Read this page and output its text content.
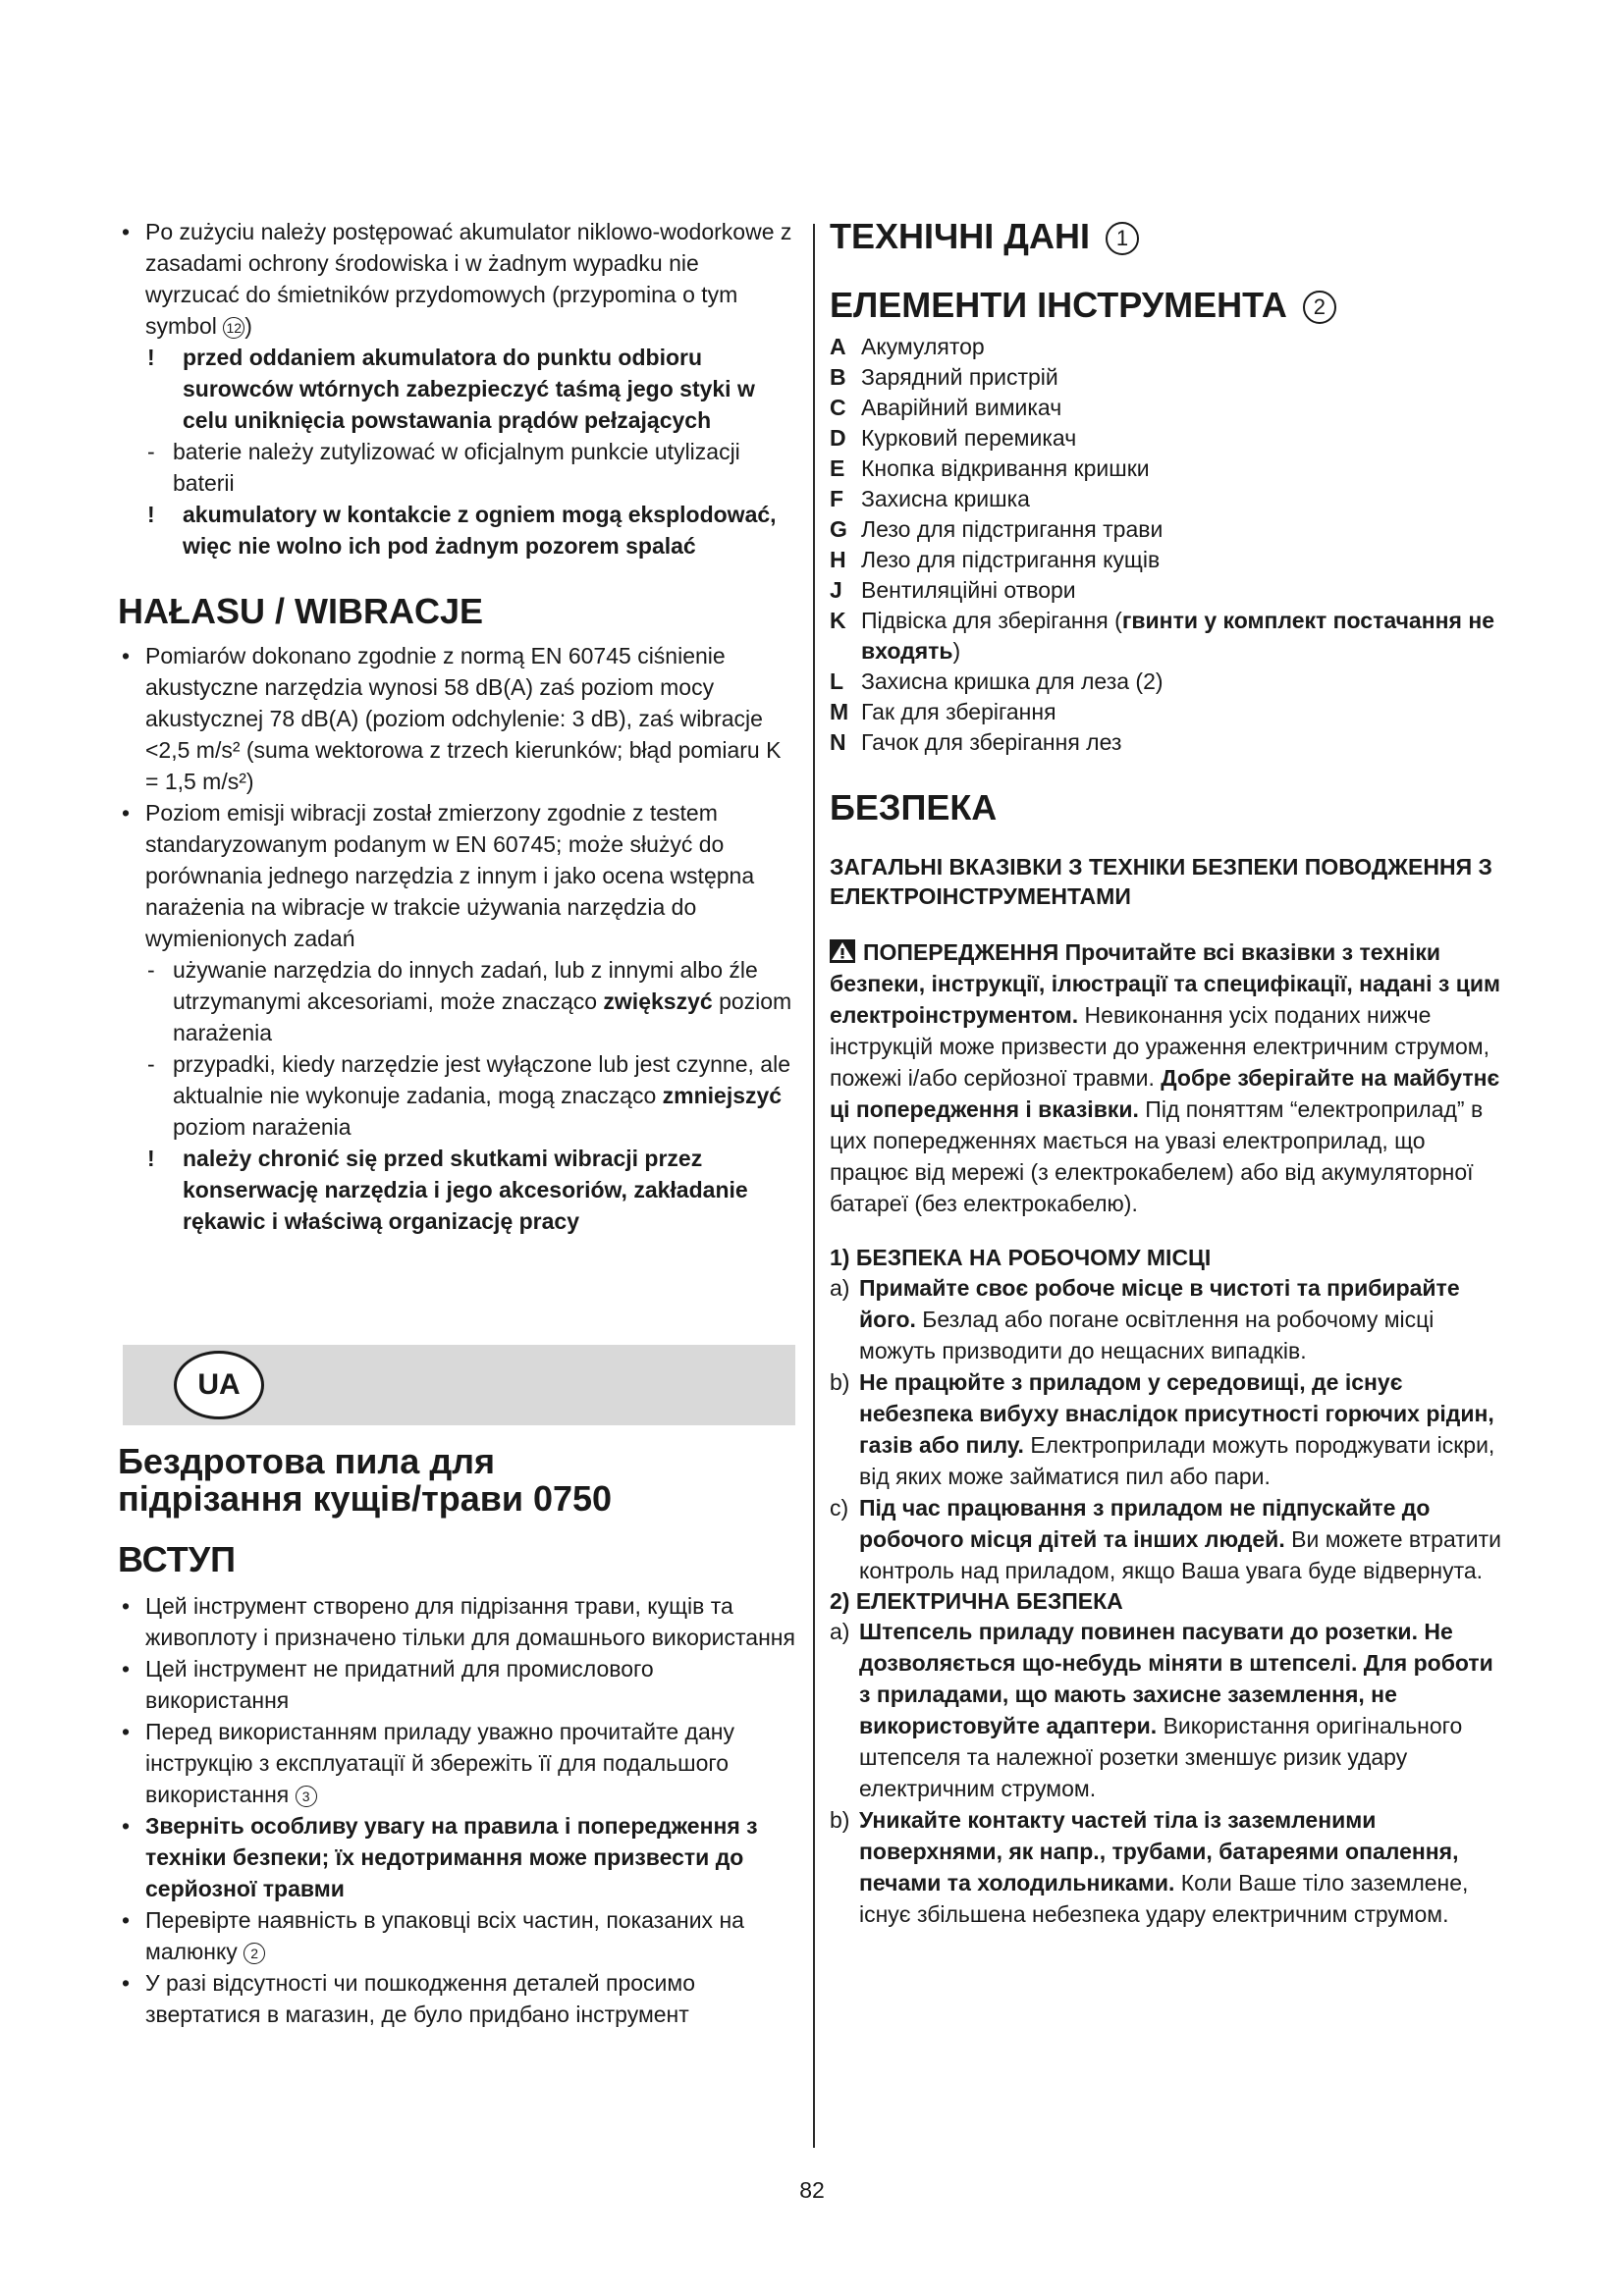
• Po zużyciu należy postępować akumulator niklowo-wodorkowe z zasadami ochrony środowiska i w żadnym wypadku nie wyrzucać do śmietników przydomowych (przypomina o tym symbol 12 )

! przed oddaniem akumulatora do punktu odbioru surowców wtórnych zabezpieczyć taśmą jego styki w celu uniknięcia powstawania prądów pełzających

- baterie należy zutylizować w oficjalnym punkcie utylizacji baterii

! akumulatory w kontakcie z ogniem mogą eksplodować, więc nie wolno ich pod żadnym pozorem spalać

HAŁASU / WIBRACJE

• Pomiarów dokonano zgodnie z normą EN 60745 ciśnienie akustyczne narzędzia wynosi 58 dB(A) zaś poziom mocy akustycznej 78 dB(A) (poziom odchylenie: 3 dB), zaś wibracje <2,5 m/s² (suma wektorowa z trzech kierunków; błąd pomiaru K = 1,5 m/s²)

• Poziom emisji wibracji został zmierzony zgodnie z testem standaryzowanym podanym w EN 60745; może służyć do porównania jednego narzędzia z innym i jako ocena wstępna narażenia na wibracje w trakcie używania narzędzia do wymienionych zadań

- używanie narzędzia do innych zadań, lub z innymi albo źle utrzymanymi akcesoriami, może znacząco zwiększyć poziom narażenia

- przypadki, kiedy narzędzie jest wyłączone lub jest czynne, ale aktualnie nie wykonuje zadania, mogą znacząco zmniejszyć poziom narażenia

! należy chronić się przed skutkami wibracji przez konserwację narzędzia i jego akcesoriów, zakładanie rękawic i właściwą organizację pracy

UA
Бездротова пила для підрізання кущів/трави 0750
ВСТУП

• Цей інструмент створено для підрізання трави, кущів та живоплоту і призначено тільки для домашнього використання

• Цей інструмент не придатний для промислового використання

• Перед використанням приладу уважно прочитайте дану інструкцію з експлуатації й збережіть її для подальшого використання 3

• Зверніть особливу увагу на правила і попередження з техніки безпеки; їх недотримання може призвести до серйозної травми

• Перевірте наявність в упаковці всіх частин, показаних на малюнку 2

• У разі відсутності чи пошкодження деталей просимо звертатися в магазин, де було придбано інструмент

ТЕХНІЧНІ ДАНІ 1
ЕЛЕМЕНТИ ІНСТРУМЕНТА 2

A Акумулятор

B Зарядний пристрій

C Аварійний вимикач

D Курковий перемикач

E Кнопка відкривання кришки

F Захисна кришка

G Лезо для підстригання трави

H Лезо для підстригання кущів

J Вентиляційні отвори

K Підвіска для зберігання (гвинти у комплект постачання не входять)

L Захисна кришка для леза (2)

M Гак для зберігання

N Гачок для зберігання лез

БЕЗПЕКА

ЗАГАЛЬНІ ВКАЗІВКИ З ТЕХНІКИ БЕЗПЕКИ ПОВОДЖЕННЯ З ЕЛЕКТРОІНСТРУМЕНТАМИ

ПОПЕРЕДЖЕННЯ Прочитайте всі вказівки з техніки безпеки, інструкції, ілюстрації та специфікації, надані з цим електроінструментом. Невиконання усіх поданих нижче інструкцій може призвести до ураження електричним струмом, пожежі і/або серйозної травми. Добре зберігайте на майбутнє ці попередження і вказівки. Під поняттям “електроприлад” в цих попередженнях мається на увазі електроприлад, що працює від мережі (з електрокабелем) або від акумуляторної батареї (без електрокабелю).

1) БЕЗПЕКА НА РОБОЧОМУ МІСЦІ

a) Примайте своє робоче місце в чистоті та прибирайте його. Безлад або погане освітлення на робочому місці можуть призводити до нещасних випадків.

b) Не працюйте з приладом у середовищі, де існує небезпека вибуху внаслідок присутності горючих рідин, газів або пилу. Електроприлади можуть породжувати іскри, від яких може займатися пил або пари.

c) Під час працювання з приладом не підпускайте до робочого місця дітей та інших людей. Ви можете втратити контроль над приладом, якщо Ваша увага буде відвернута.

2) ЕЛЕКТРИЧНА БЕЗПЕКА

a) Штепсель приладу повинен пасувати до розетки. Не дозволяється що-небудь міняти в штепселі. Для роботи з приладами, що мають захисне заземлення, не використовуйте адаптери. Використання оригінального штепселя та належної розетки зменшує ризик удару електричним струмом.

b) Уникайте контакту частей тіла із заземленими поверхнями, як напр., трубами, батареями опалення, печами та холодильниками. Коли Ваше тіло заземлене, існує збільшена небезпека удару електричним струмом.

82
